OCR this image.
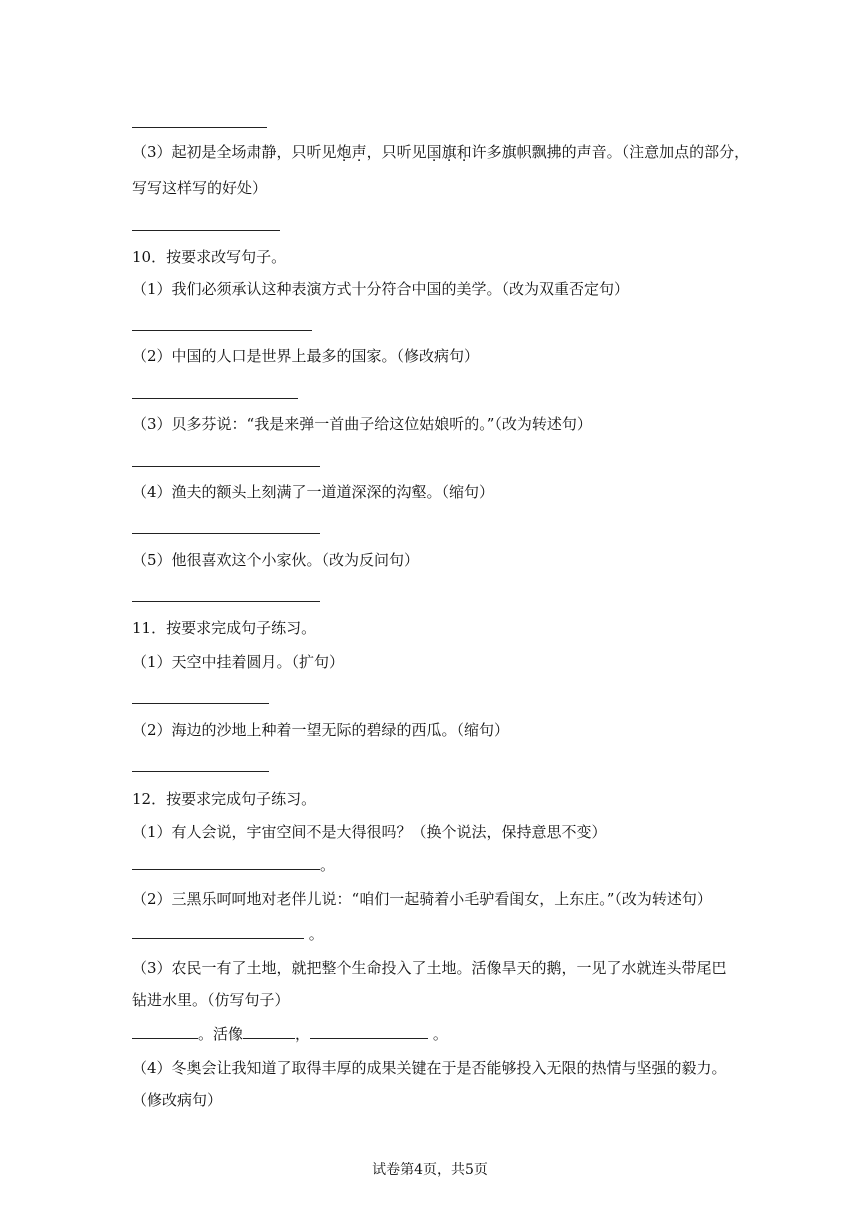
（3）起初是全场肃静，只听见炮声，只听见国旗和许多旗帜飘拂的声音。（注意加点的部分，
写写这样写的好处）
10．按要求改写句子。
（1）我们必须承认这种表演方式十分符合中国的美学。（改为双重否定句）
（2）中国的人口是世界上最多的国家。（修改病句）
（3）贝多芬说：“我是来弹一首曲子给这位姑娘听的。”（改为转述句）
（4）渔夫的额头上刻满了一道道深深的沟壑。（缩句）
（5）他很喜欢这个小家伙。（改为反问句）
11．按要求完成句子练习。
（1）天空中挂着圆月。（扩句）
（2）海边的沙地上种着一望无际的碧绿的西瓜。（缩句）
12．按要求完成句子练习。
（1）有人会说，宇宙空间不是大得很吗？（换个说法，保持意思不变）
。
（2）三黑乐呵呵地对老伴儿说：“咱们一起骑着小毛驴看闺女，上东庄。”（改为转述句）
。
（3）农民一有了土地，就把整个生命投入了土地。活像旱天的鹅，一见了水就连头带尾巴
钻进水里。（仿写句子）
。活像	，	。
（4）冬奥会让我知道了取得丰厚的成果关键在于是否能够投入无限的热情与坚强的毅力。
（修改病句）
试卷第4页，共5页
